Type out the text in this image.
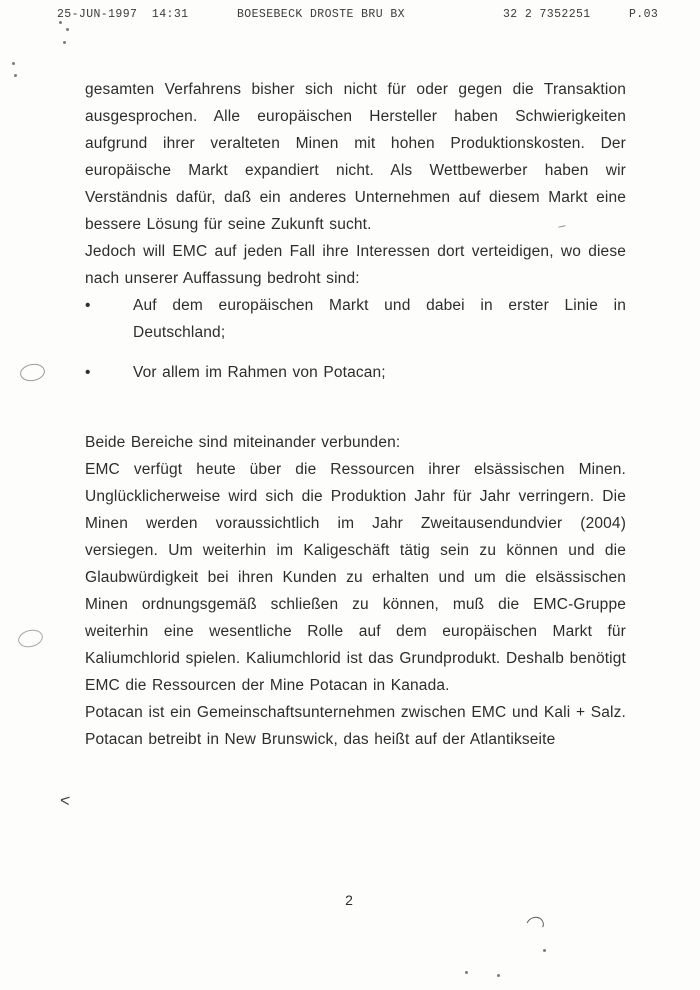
25-JUN-1997  14:31	BOESEBECK DROSTE BRU BX	32 2 7352251	P.03

gesamten Verfahrens bisher sich nicht für oder gegen die Transaktion ausgesprochen. Alle europäischen Hersteller haben Schwierigkeiten aufgrund ihrer veralteten Minen mit hohen Produktionskosten. Der europäische Markt expandiert nicht. Als Wettbewerber haben wir Verständnis dafür, daß ein anderes Unternehmen auf diesem Markt eine bessere Lösung für seine Zukunft sucht.

Jedoch will EMC auf jeden Fall ihre Interessen dort verteidigen, wo diese nach unserer Auffassung bedroht sind:

•	Auf dem europäischen Markt und dabei in erster Linie in Deutschland;
•	Vor allem im Rahmen von Potacan;

Beide Bereiche sind miteinander verbunden:

EMC verfügt heute über die Ressourcen ihrer elsässischen Minen. Unglücklicherweise wird sich die Produktion Jahr für Jahr verringern. Die Minen werden voraussichtlich im Jahr Zweitausendundvier (2004) versiegen. Um weiterhin im Kaligeschäft tätig sein zu können und die Glaubwürdigkeit bei ihren Kunden zu erhalten und um die elsässischen Minen ordnungsgemäß schließen zu können, muß die EMC-Gruppe weiterhin eine wesentliche Rolle auf dem europäischen Markt für Kaliumchlorid spielen. Kaliumchlorid ist das Grundprodukt. Deshalb benötigt EMC die Ressourcen der Mine Potacan in Kanada.

Potacan ist ein Gemeinschaftsunternehmen zwischen EMC und Kali + Salz. Potacan betreibt in New Brunswick, das heißt auf der Atlantikseite

<
2
